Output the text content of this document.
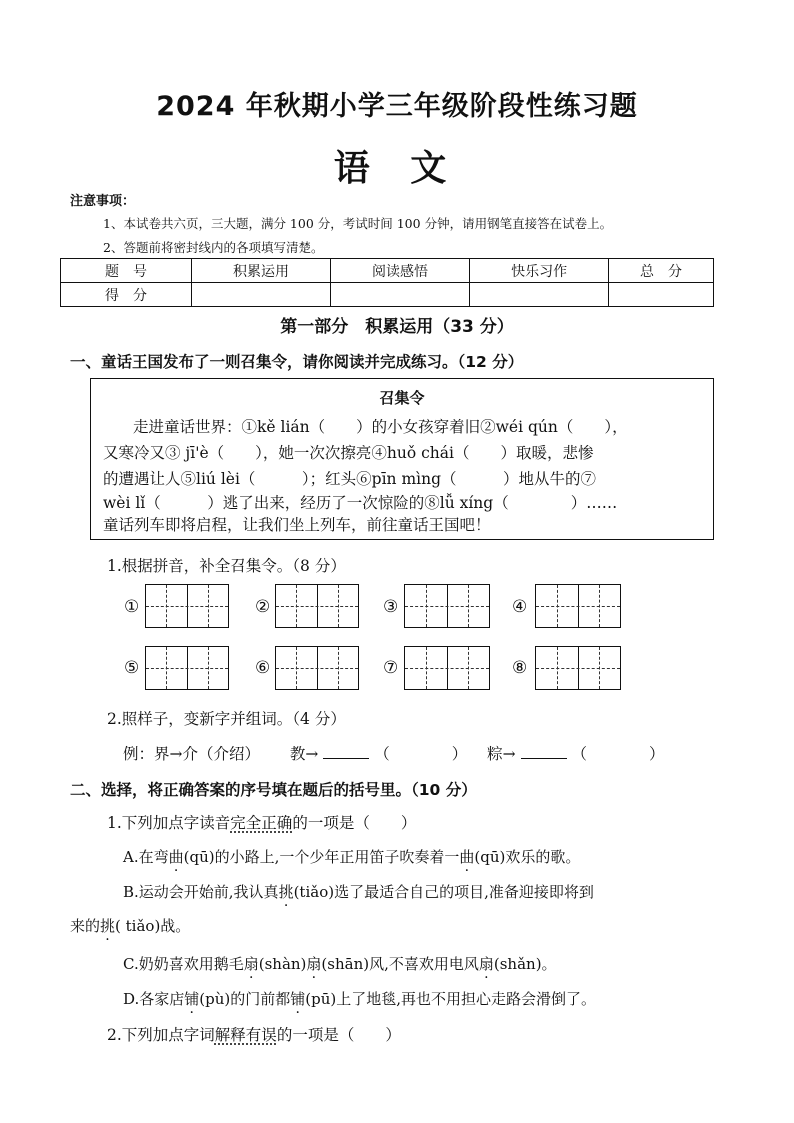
2024 年秋期小学三年级阶段性练习题
语 文
注意事项：
1、本试卷共六页，三大题，满分 100 分，考试时间 100 分钟，请用钢笔直接答在试卷上。
2、答题前将密封线内的各项填写清楚。
题　号	积累运用	阅读感悟	快乐习作	总　分
得　分				
第一部分　积累运用（33 分）
一、童话王国发布了一则召集令，请你阅读并完成练习。（12 分）
召集令
走进童话世界：①kě lián（　　）的小女孩穿着旧②wéi qún（　　），
又寒冷又③ jī'è（　　），她一次次擦亮④huǒ chái（　　）取暖，悲惨
的遭遇让人⑤liú lèi（　　　）；红头⑥pīn mìng（　　　）地从牛的⑦
wèi lǐ（　　　）逃了出来，经历了一次惊险的⑧lǚ xíng（　　　　）……
童话列车即将启程，让我们坐上列车，前往童话王国吧！
1.根据拼音，补全召集令。（8 分）
①	②	③	④
⑤	⑥	⑦	⑧
2.照样子，变新字并组词。（4 分）
例：界→介（介绍） 教→	（　　　　） 粽→	（　　　　）
二、选择，将正确答案的序号填在题后的括号里。（10 分）
1.下列加点字读音完全正确的一项是（　　）
A.在弯曲(qū)的小路上,一个少年正用笛子吹奏着一曲(qū)欢乐的歌。
B.运动会开始前,我认真挑(tiǎo)选了最适合自己的项目,准备迎接即将到
来的挑( tiǎo)战。
C.奶奶喜欢用鹅毛扇(shàn)扇(shān)风,不喜欢用电风扇(shǎn)。
D.各家店铺(pù)的门前都铺(pū)上了地毯,再也不用担心走路会滑倒了。
2.下列加点字词解释有误的一项是（　　）
